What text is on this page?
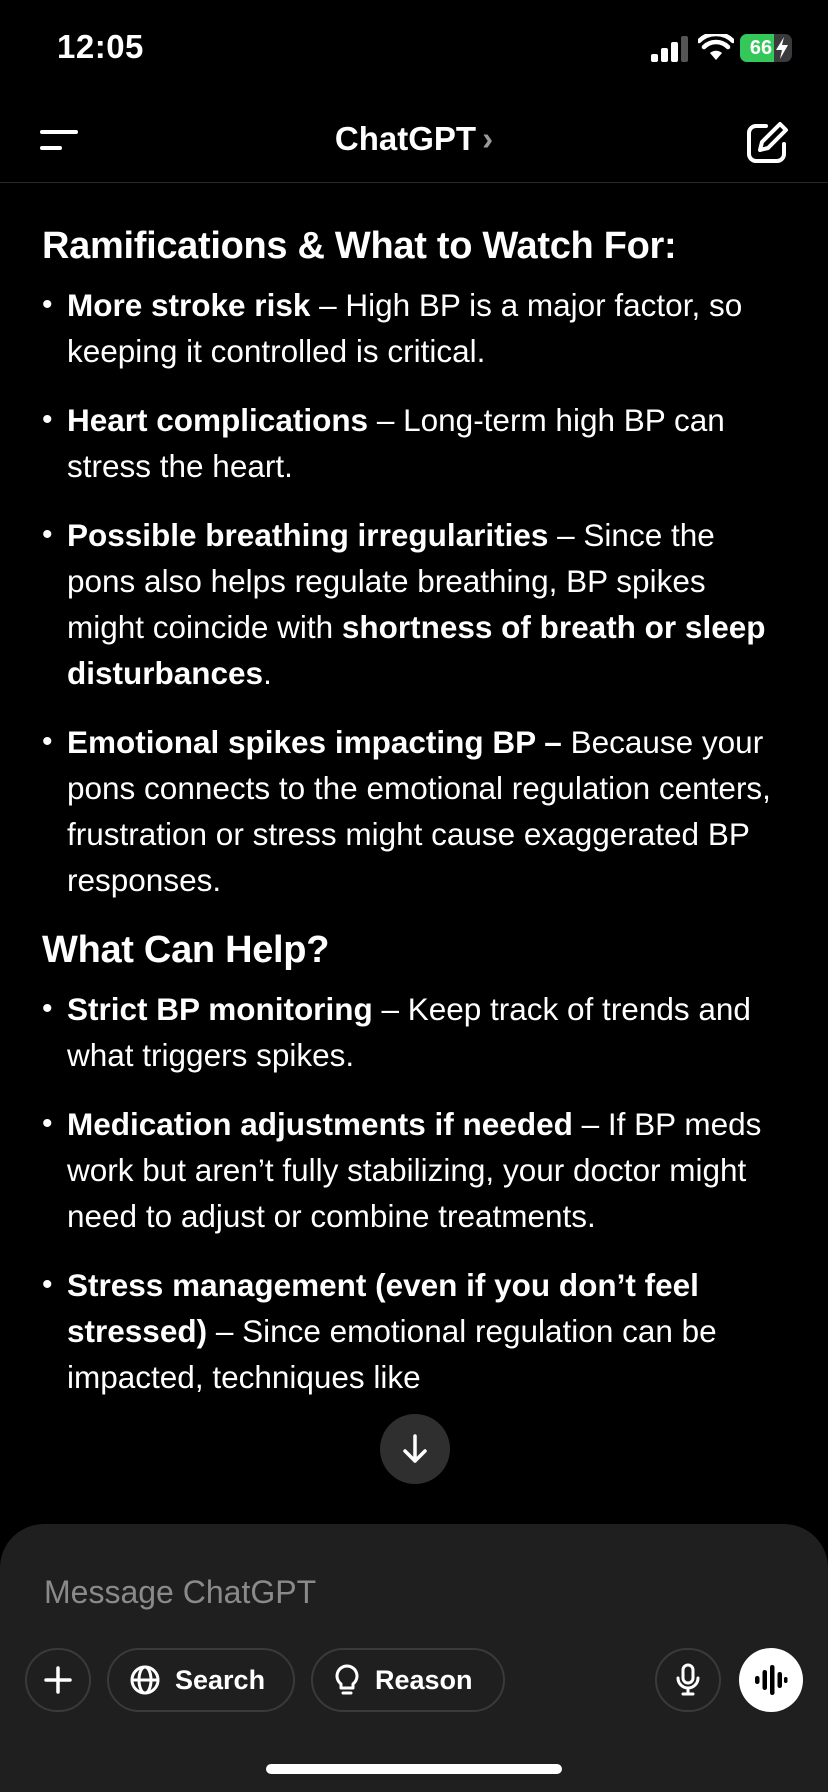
12:05	66
ChatGPT ›
Ramifications & What to Watch For:
• More stroke risk – High BP is a major factor, so keeping it controlled is critical.
• Heart complications – Long-term high BP can stress the heart.
• Possible breathing irregularities – Since the pons also helps regulate breathing, BP spikes might coincide with shortness of breath or sleep disturbances.
• Emotional spikes impacting BP – Because your pons connects to the emotional regulation centers, frustration or stress might cause exaggerated BP responses.
What Can Help?
• Strict BP monitoring – Keep track of trends and what triggers spikes.
• Medication adjustments if needed – If BP meds work but aren’t fully stabilizing, your doctor might need to adjust or combine treatments.
• Stress management (even if you don’t feel stressed) – Since emotional regulation can be impacted, techniques like
Message ChatGPT
Search	Reason
